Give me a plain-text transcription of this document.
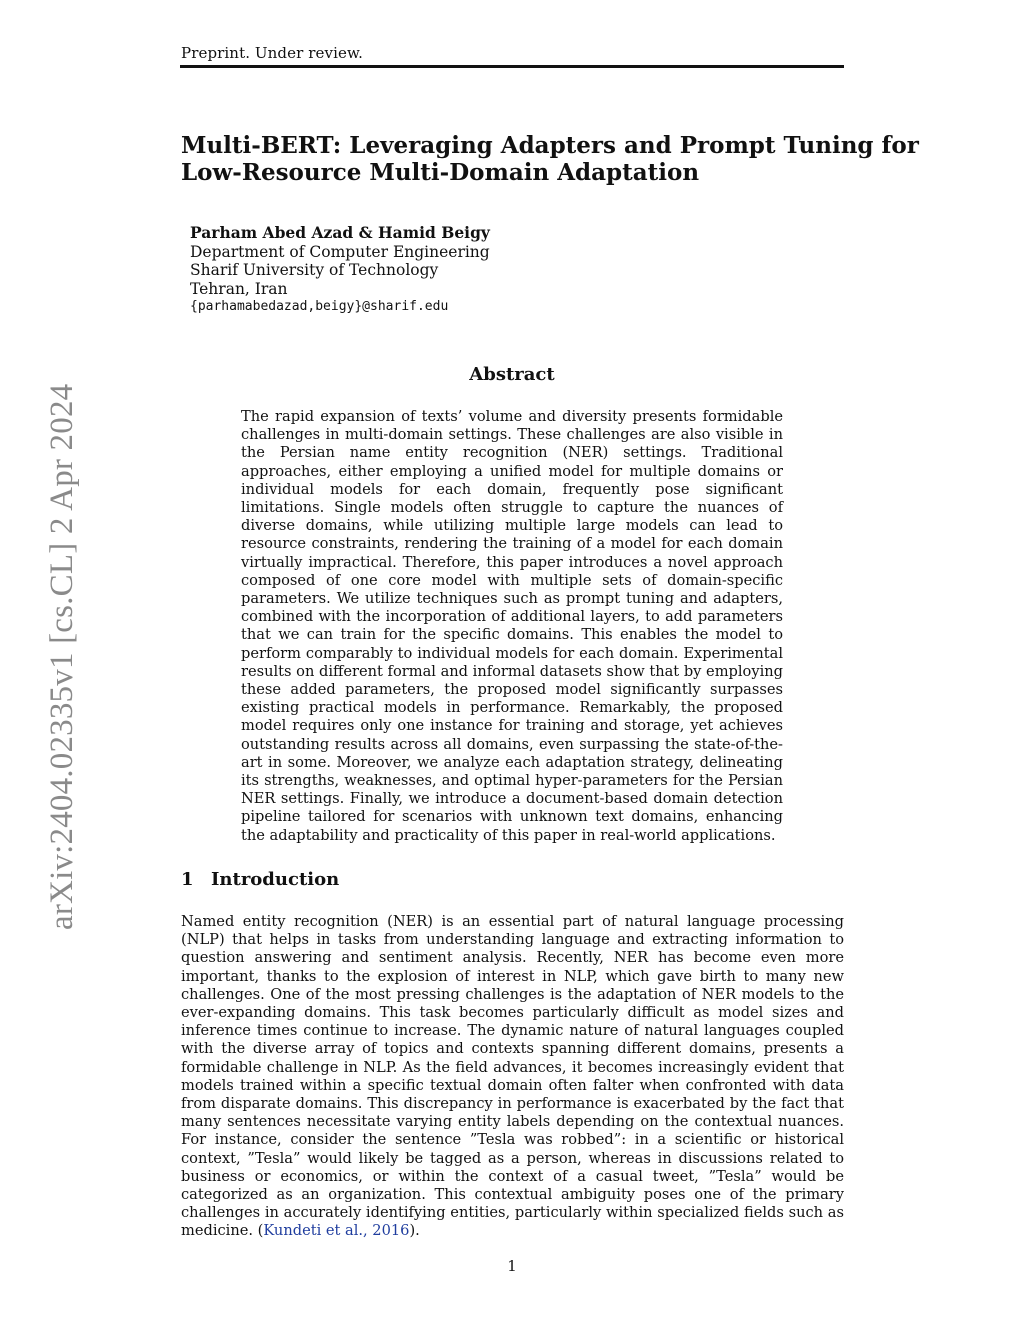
Preprint. Under review.
Multi-BERT: Leveraging Adapters and Prompt Tuning for
Low-Resource Multi-Domain Adaptation
Parham Abed Azad & Hamid Beigy
Department of Computer Engineering
Sharif University of Technology
Tehran, Iran
{parhamabedazad,beigy}@sharif.edu
arXiv:2404.02335v1 [cs.CL] 2 Apr 2024
Abstract

The rapid expansion of texts’ volume and diversity presents formidable challenges in multi-domain settings. These challenges are also visible in the Persian name entity recognition (NER) settings. Traditional approaches, either employing a unified model for multiple domains or individual models for each domain, frequently pose significant limitations. Single models often struggle to capture the nuances of diverse domains, while utilizing multiple large models can lead to resource constraints, rendering the training of a model for each domain virtually impractical. Therefore, this paper introduces a novel approach composed of one core model with multiple sets of domain-specific parameters. We utilize techniques such as prompt tuning and adapters, combined with the incorporation of additional layers, to add parameters that we can train for the specific domains. This enables the model to perform comparably to individual models for each domain. Experimental results on different formal and informal datasets show that by employing these added parameters, the proposed model significantly surpasses existing practical models in performance. Remarkably, the proposed model requires only one instance for training and storage, yet achieves outstanding results across all domains, even surpassing the state-of-the-art in some. Moreover, we analyze each adaptation strategy, delineating its strengths, weaknesses, and optimal hyper-parameters for the Persian NER settings. Finally, we introduce a document-based domain detection pipeline tailored for scenarios with unknown text domains, enhancing the adaptability and practicality of this paper in real-world applications.

1 Introduction

Named entity recognition (NER) is an essential part of natural language processing (NLP) that helps in tasks from understanding language and extracting information to question answering and sentiment analysis. Recently, NER has become even more important, thanks to the explosion of interest in NLP, which gave birth to many new challenges. One of the most pressing challenges is the adaptation of NER models to the ever-expanding domains. This task becomes particularly difficult as model sizes and inference times continue to increase. The dynamic nature of natural languages coupled with the diverse array of topics and contexts spanning different domains, presents a formidable challenge in NLP. As the field advances, it becomes increasingly evident that models trained within a specific textual domain often falter when confronted with data from disparate domains. This discrepancy in performance is exacerbated by the fact that many sentences necessitate varying entity labels depending on the contextual nuances. For instance, consider the sentence ”Tesla was robbed”: in a scientific or historical context, ”Tesla” would likely be tagged as a person, whereas in discussions related to business or economics, or within the context of a casual tweet, ”Tesla” would be categorized as an organization. This contextual ambiguity poses one of the primary challenges in accurately identifying entities, particularly within specialized fields such as medicine. (Kundeti et al., 2016).

1
